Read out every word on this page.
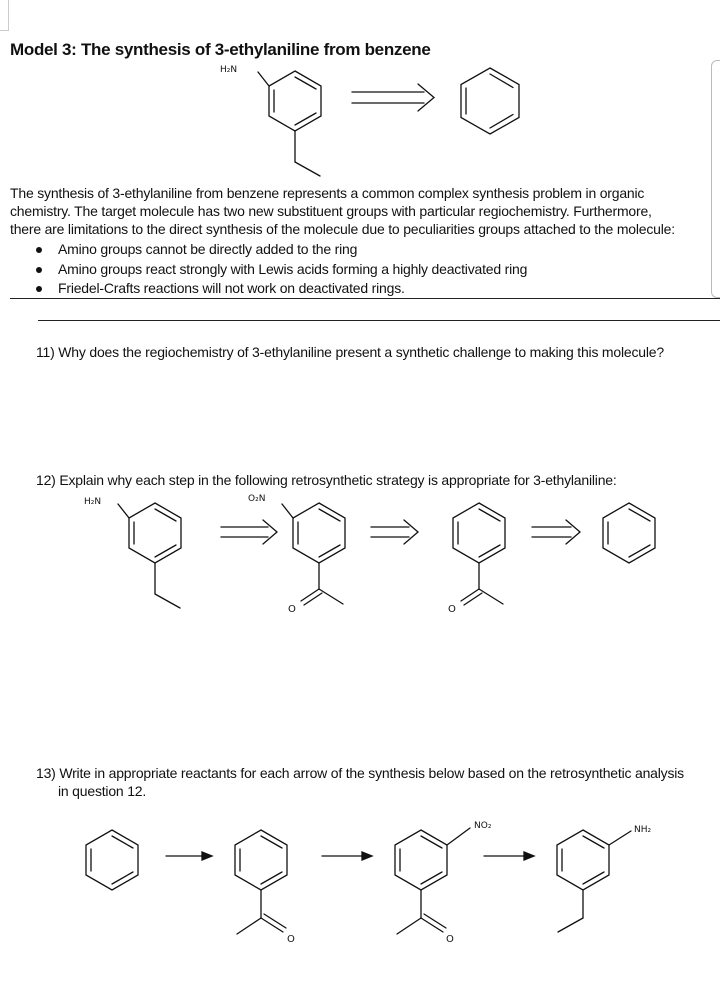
Model 3: The synthesis of 3-ethylaniline from benzene
H₂N
H₂N	O₂N
O	O
O
NO₂
O
NH₂
The synthesis of 3-ethylaniline from benzene represents a common complex synthesis problem in organic
chemistry. The target molecule has two new substituent groups with particular regiochemistry. Furthermore,
there are limitations to the direct synthesis of the molecule due to peculiarities groups attached to the molecule:
Amino groups cannot be directly added to the ring
Amino groups react strongly with Lewis acids forming a highly deactivated ring
Friedel-Crafts reactions will not work on deactivated rings.
11) Why does the regiochemistry of 3-ethylaniline present a synthetic challenge to making this molecule?
12) Explain why each step in the following retrosynthetic strategy is appropriate for 3-ethylaniline:
13) Write in appropriate reactants for each arrow of the synthesis below based on the retrosynthetic analysis
in question 12.
